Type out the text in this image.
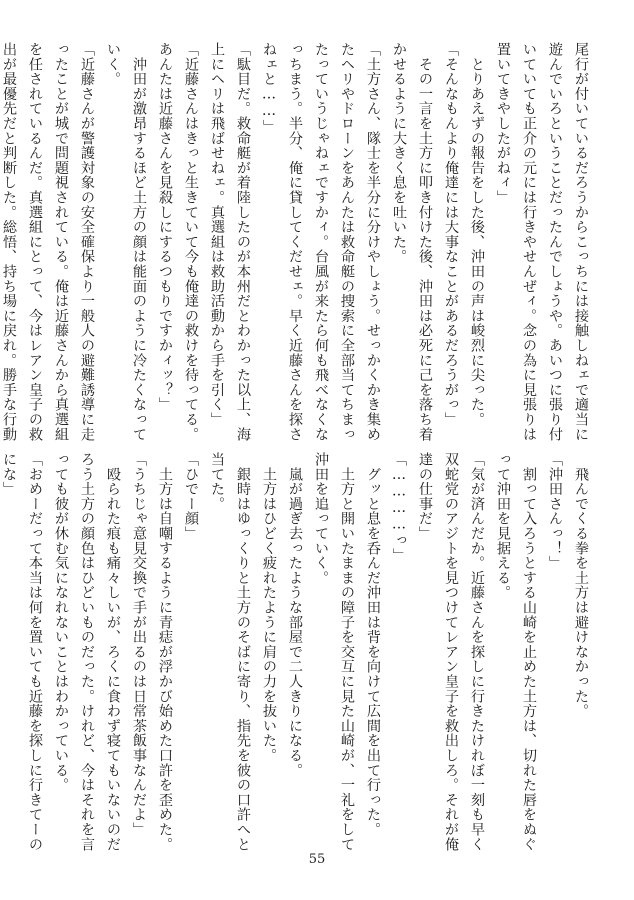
尾行が付いているだろうからこっちには接触しねェで適当に
遊んでいろということだったんでしょうや。あいつに張り付
いていても正介の元には行きやせんぜィ。念の為に見張りは
置いてきやしたがねィ」
　とりあえずの報告をした後、沖田の声は峻烈に尖った。
「そんなもんより俺達には大事なことがあるだろうがっ」
　その一言を土方に叩き付けた後、沖田は必死に己を落ち着
かせるように大きく息を吐いた。
「土方さん、隊士を半分に分けやしょう。せっかくかき集め
たヘリやドローンをあんたは救命艇の捜索に全部当てちまっ
たっていうじゃねェですかィ。台風が来たら何も飛べなくな
っちまう。半分、俺に貸してくだせェ。早く近藤さんを探さ
ねェと……」
「駄目だ。救命艇が着陸したのが本州だとわかった以上、海
上にヘリは飛ばせねェ。真選組は救助活動から手を引く」
「近藤さんはきっと生きていて今も俺達の救けを待ってる。
あんたは近藤さんを見殺しにするつもりですかィッ？」
　沖田が激昂するほど土方の顔は能面のように冷たくなって
いく。
「近藤さんが警護対象の安全確保より一般人の避難誘導に走
ったことが城で問題視されている。俺は近藤さんから真選組
を任されているんだ。真選組にとって、今はレアン皇子の救
出が最優先だと判断した。総悟、持ち場に戻れ。勝手な行動
　飛んでくる拳を土方は避けなかった。
「沖田さんっ！」
　割って入ろうとする山崎を止めた土方は、切れた唇をぬぐ
って沖田を見据える。
「気が済んだか。近藤さんを探しに行きたけれぼ一刻も早く
双蛇党のアジトを見つけてレアン皇子を救出しろ。それが俺
達の仕事だ」
「…………っ」
　グッと息を呑んだ沖田は背を向けて広間を出て行った。
　土方と開いたままの障子を交互に見た山崎が、一礼をして
沖田を追っていく。
　嵐が過ぎ去ったような部屋で二人きりになる。
　土方はひどく疲れたように肩の力を抜いた。
　銀時はゆっくりと土方のそばに寄り、指先を彼の口許へと
当てた。
「ひでー顔」
　土方は自嘲するように青痣が浮かび始めた口許を歪めた。
「うちじゃ意見交換で手が出るのは日常茶飯事なんだよ」
　殴られた痕も痛々しいが、ろくに食わず寝てもいないのだ
ろう土方の顔色はひどいものだった。けれど、今はそれを言
っても彼が休む気になれないことはわかっている。
「おめーだって本当は何を置いても近藤を探しに行きてーの
にな」
55
